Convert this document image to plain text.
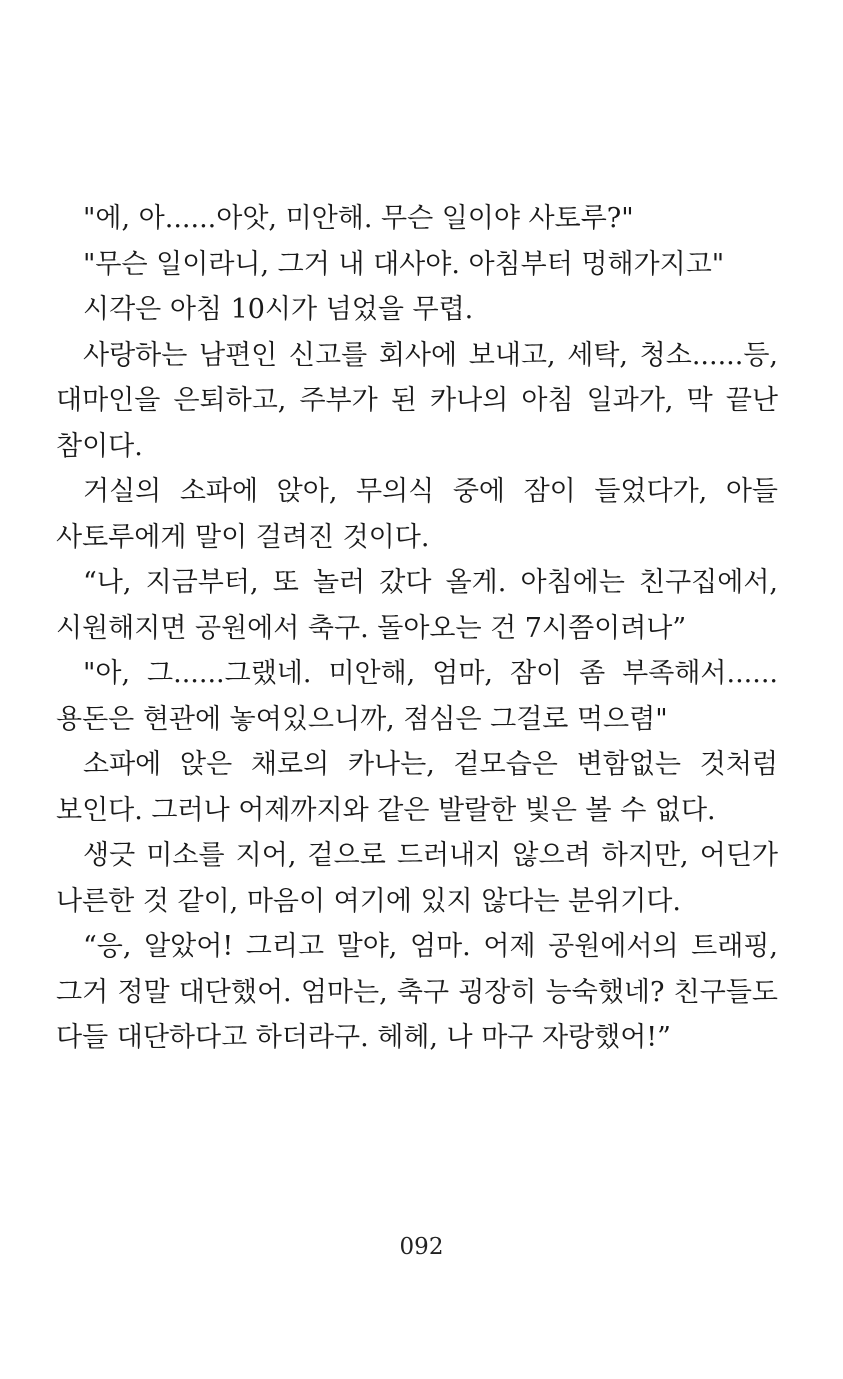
"에, 아......아앗, 미안해. 무슨 일이야 사토루?"

"무슨 일이라니, 그거 내 대사야. 아침부터 멍해가지고"

시각은 아침 10시가 넘었을 무렵.

사랑하는 남편인 신고를 회사에 보내고, 세탁, 청소......등, 대마인을 은퇴하고, 주부가 된 카나의 아침 일과가, 막 끝난 참이다.

거실의 소파에 앉아, 무의식 중에 잠이 들었다가, 아들 사토루에게 말이 걸려진 것이다.

“나, 지금부터, 또 놀러 갔다 올게. 아침에는 친구집에서, 시원해지면 공원에서 축구. 돌아오는 건 7시쯤이려나”

"아, 그......그랬네. 미안해, 엄마, 잠이 좀 부족해서...... 용돈은 현관에 놓여있으니까, 점심은 그걸로 먹으렴"

소파에 앉은 채로의 카나는, 겉모습은 변함없는 것처럼 보인다. 그러나 어제까지와 같은 발랄한 빛은 볼 수 없다.

생긋 미소를 지어, 겉으로 드러내지 않으려 하지만, 어딘가 나른한 것 같이, 마음이 여기에 있지 않다는 분위기다.

“응, 알았어! 그리고 말야, 엄마. 어제 공원에서의 트래핑, 그거 정말 대단했어. 엄마는, 축구 굉장히 능숙했네? 친구들도 다들 대단하다고 하더라구. 헤헤, 나 마구 자랑했어!”

092
